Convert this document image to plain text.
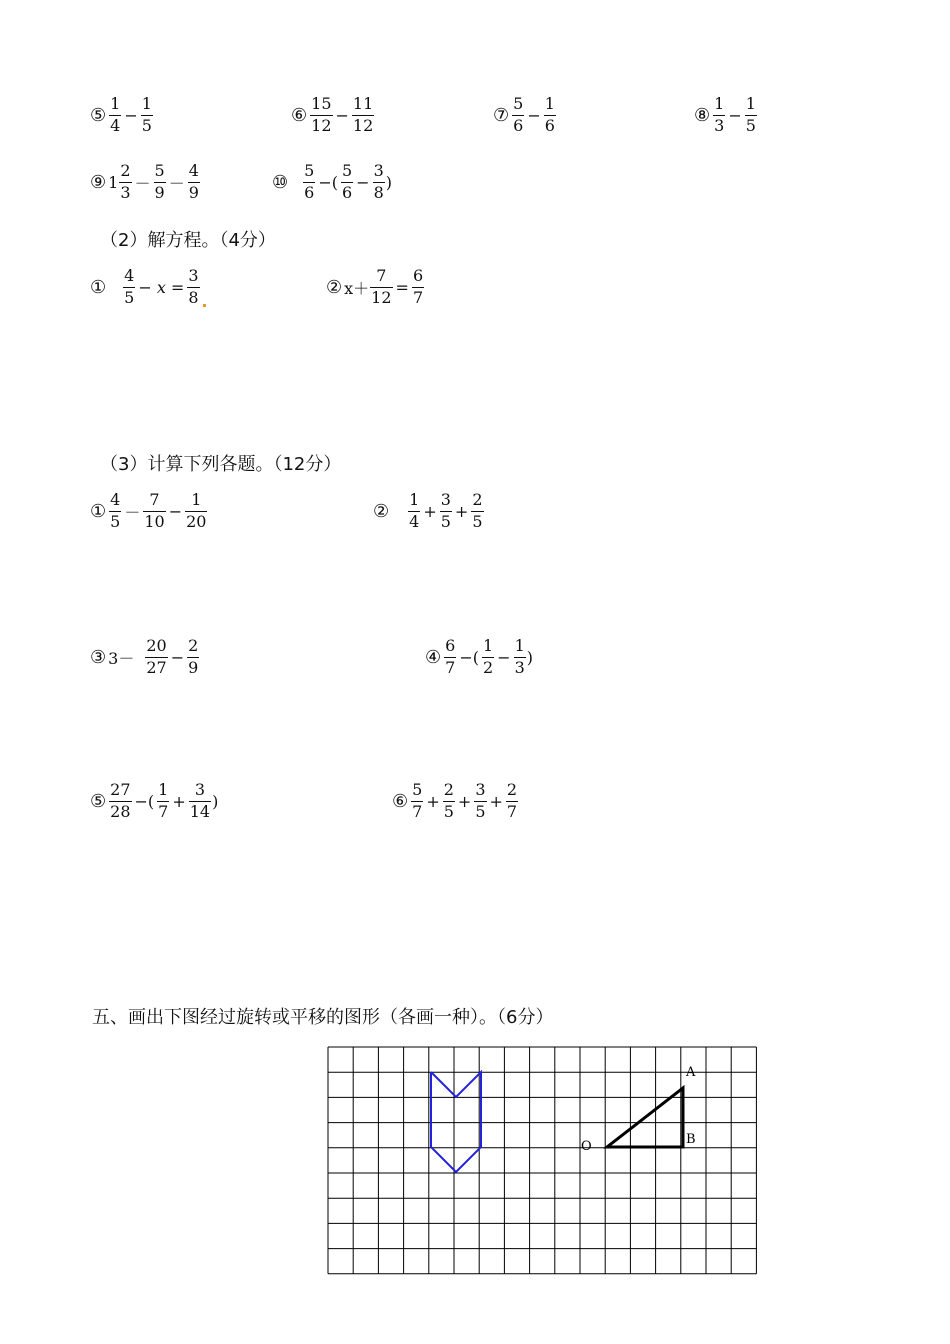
⑤ $\frac{1}{4} - \frac{1}{5}$	⑥ $\frac{15}{12} - \frac{11}{12}$	⑦ $\frac{5}{6} - \frac{1}{6}$	⑧ $\frac{1}{3} - \frac{1}{5}$
⑨ $1 \frac{2}{3} - \frac{5}{9} - \frac{4}{9}$	⑩ $\frac{5}{6}$ −( $\frac{5}{6} - \frac{3}{8}$ )
（2）解方程。（4分）
① $\frac{4}{5} - x = \frac{3}{8}$	② $x+ \frac{7}{12} = \frac{6}{7}$
（3）计算下列各题。（12分）
① $\frac{4}{5} - \frac{7}{10} - \frac{1}{20}$	② $\frac{1}{4} + \frac{3}{5} + \frac{2}{5}$
③ $3- \frac{20}{27} - \frac{2}{9}$	④ $\frac{6}{7}$ −( $\frac{1}{2} - \frac{1}{3}$ )
⑤ $\frac{27}{28}$ −( $\frac{1}{7} + \frac{3}{14}$ )	⑥ $\frac{5}{7} + \frac{2}{5} + \frac{3}{5} + \frac{2}{7}$
五、画出下图经过旋转或平移的图形（各画一种）。（6分）
A
B
O
